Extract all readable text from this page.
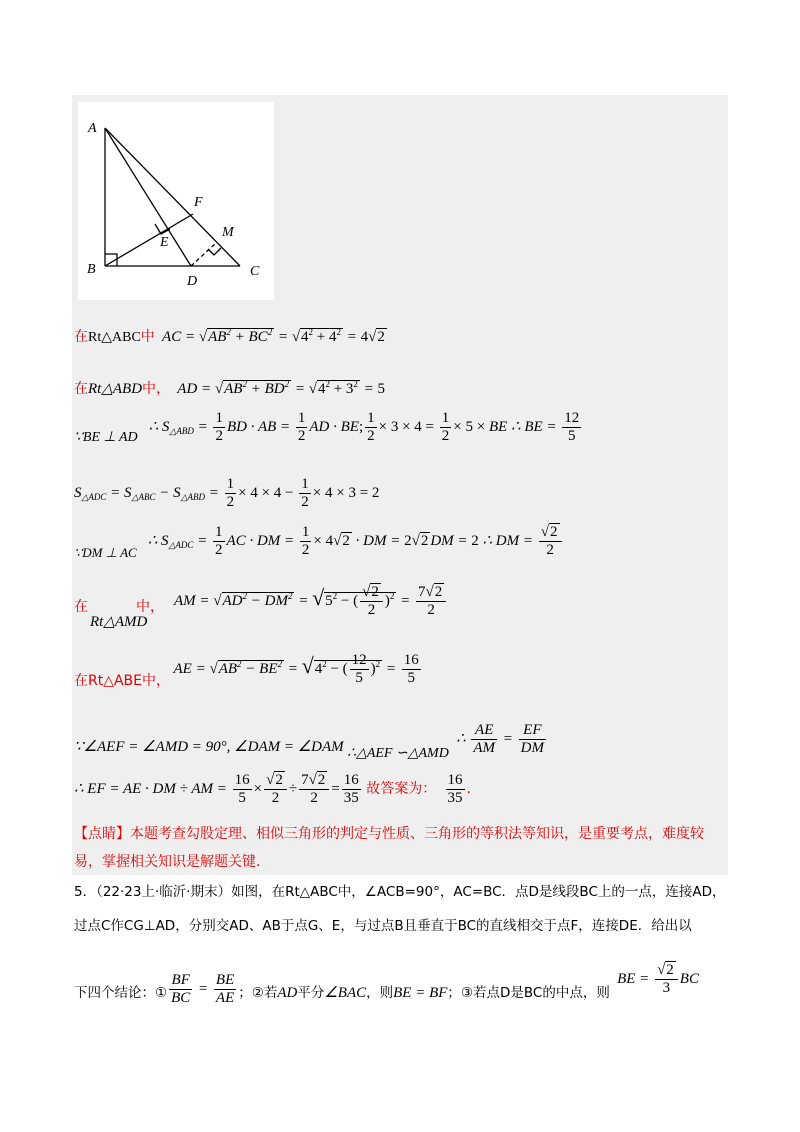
A
B	C
D
E
F
M
在Rt△ABC中  AC = $√AB^2 + BC^2 = √4^2 + 4^2 = 4√2$
在Rt△ABD中，  AD = $√AB^2 + BD^2 = √4^2 + 3^2 = 5$
∵BE ⊥ AD   ∴ $S_{\triangle ABD} = \frac{1}{2}$ BD · AB = $\frac{1}{2}$ AD · BE; $\frac{1}{2} \times 3 \times 4 = \frac{1}{2} \times 5$ × BE ∴ BE = $\frac{12}{5}$
$S_{\triangle ADC} = S_{\triangle ABC} - S_{\triangle ABD} = \frac{1}{2} \times 4 \times 4 - \frac{1}{2} \times 4 \times 3 = 2$
∵DM ⊥ AC   ∴ $S_{\triangle ADC} = \frac{1}{2}$ AC · DM = $\frac{1}{2} \times 4√2$ · DM = 2√2 DM = 2 ∴ DM = $\frac{√2}{2}$
在	中，
Rt△AMD
AM = $√AD^2 - DM^2 = √5^2$ − ( $\frac{√2}{2} )^2 = \frac{7√2}{2}$
在Rt△ABE中， AE = $√AB^2 - BE^2 = √4^2$ − ( $\frac{12}{5} )^2 = \frac{16}{5}$
∵∠AEF = ∠AMD = 90°, ∠DAM = ∠DAM ∴△AEF ∽△AMD  ∴ $\frac{AE}{AM} = \frac{EF}{DM}$
∴ EF = AE · DM ÷ AM = $\frac{16}{5} \times \frac{√2}{2} \div \frac{7√2}{2} = \frac{16}{35}$ 故答案为： $\frac{16}{35}$ .
【点睛】本题考查勾股定理、相似三角形的判定与性质、三角形的等积法等知识，是重要考点，难度较
易，掌握相关知识是解题关键.
5．（22·23上·临沂·期末）如图，在Rt△ABC中，∠ACB=90°，AC=BC．点D是线段BC上的一点，连接AD，
过点C作CG⊥AD，分别交AD、AB于点G、E，与过点B且垂直于BC的直线相交于点F，连接DE．给出以
下四个结论：① $\frac{BF}{BC} = \frac{BE}{AE}$ ；②若AD平分∠BAC，则BE = BF；③若点D是BC的中点，则  BE = $\frac{√2}{3}$ BC
